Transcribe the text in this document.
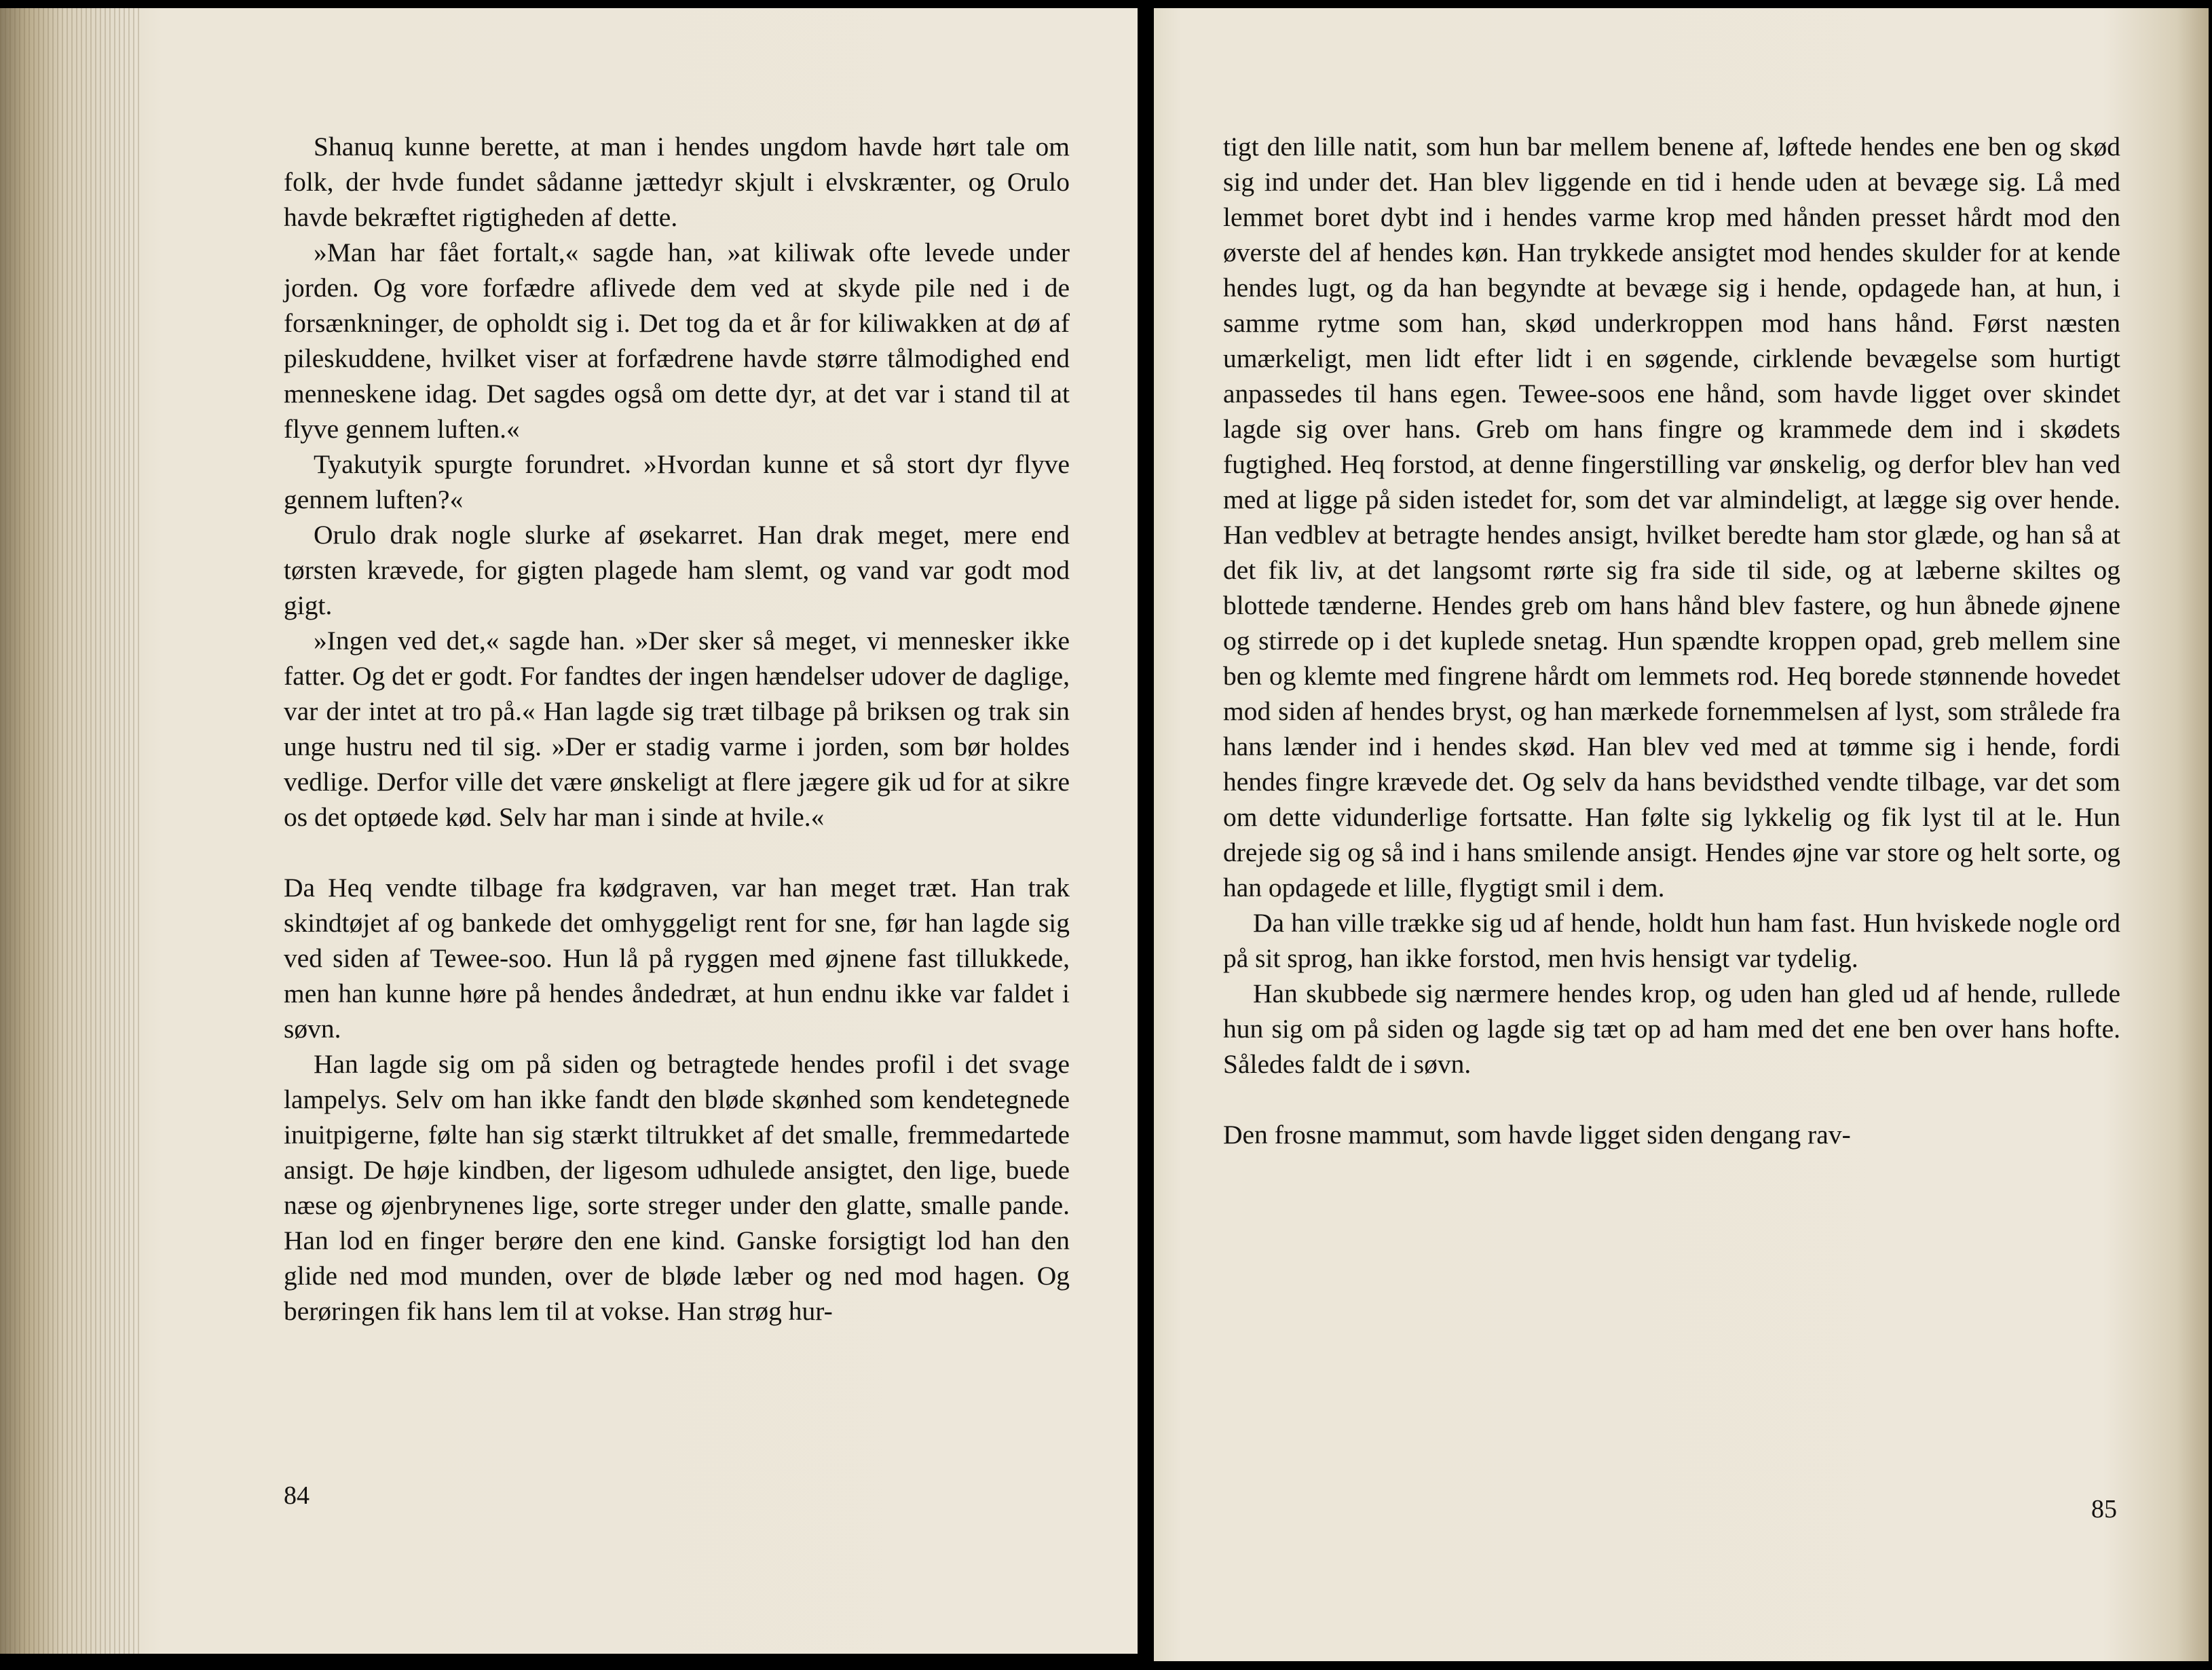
Shanuq kunne berette, at man i hendes ungdom havde hørt tale om folk, der hvde fundet sådanne jættedyr skjult i elvskrænter, og Orulo havde bekræftet rigtigheden af dette.

»Man har fået fortalt,« sagde han, »at kiliwak ofte levede under jorden. Og vore forfædre aflivede dem ved at skyde pile ned i de forsænkninger, de opholdt sig i. Det tog da et år for kiliwakken at dø af pileskuddene, hvilket viser at forfædrene havde større tålmodighed end menneskene idag. Det sagdes også om dette dyr, at det var i stand til at flyve gennem luften.«

Tyakutyik spurgte forundret. »Hvordan kunne et så stort dyr flyve gennem luften?«

Orulo drak nogle slurke af øsekarret. Han drak meget, mere end tørsten krævede, for gigten plagede ham slemt, og vand var godt mod gigt.

»Ingen ved det,« sagde han. »Der sker så meget, vi mennesker ikke fatter. Og det er godt. For fandtes der ingen hændelser udover de daglige, var der intet at tro på.« Han lagde sig træt tilbage på briksen og trak sin unge hustru ned til sig. »Der er stadig varme i jorden, som bør holdes vedlige. Derfor ville det være ønskeligt at flere jægere gik ud for at sikre os det optøede kød. Selv har man i sinde at hvile.«

Da Heq vendte tilbage fra kødgraven, var han meget træt. Han trak skindtøjet af og bankede det omhyggeligt rent for sne, før han lagde sig ved siden af Tewee-soo. Hun lå på ryggen med øjnene fast tillukkede, men han kunne høre på hendes åndedræt, at hun endnu ikke var faldet i søvn.

Han lagde sig om på siden og betragtede hendes profil i det svage lampelys. Selv om han ikke fandt den bløde skønhed som kendetegnede inuitpigerne, følte han sig stærkt tiltrukket af det smalle, fremmedartede ansigt. De høje kindben, der ligesom udhulede ansigtet, den lige, buede næse og øjenbrynenes lige, sorte streger under den glatte, smalle pande. Han lod en finger berøre den ene kind. Ganske forsigtigt lod han den glide ned mod munden, over de bløde læber og ned mod hagen. Og berøringen fik hans lem til at vokse. Han strøg hur-

84

tigt den lille natit, som hun bar mellem benene af, løftede hendes ene ben og skød sig ind under det. Han blev liggende en tid i hende uden at bevæge sig. Lå med lemmet boret dybt ind i hendes varme krop med hånden presset hårdt mod den øverste del af hendes køn. Han trykkede ansigtet mod hendes skulder for at kende hendes lugt, og da han begyndte at bevæge sig i hende, opdagede han, at hun, i samme rytme som han, skød underkroppen mod hans hånd. Først næsten umærkeligt, men lidt efter lidt i en søgende, cirklende bevægelse som hurtigt anpassedes til hans egen. Tewee-soos ene hånd, som havde ligget over skindet lagde sig over hans. Greb om hans fingre og krammede dem ind i skødets fugtighed. Heq forstod, at denne fingerstilling var ønskelig, og derfor blev han ved med at ligge på siden istedet for, som det var almindeligt, at lægge sig over hende. Han vedblev at betragte hendes ansigt, hvilket beredte ham stor glæde, og han så at det fik liv, at det langsomt rørte sig fra side til side, og at læberne skiltes og blottede tænderne. Hendes greb om hans hånd blev fastere, og hun åbnede øjnene og stirrede op i det kuplede snetag. Hun spændte kroppen opad, greb mellem sine ben og klemte med fingrene hårdt om lemmets rod. Heq borede stønnende hovedet mod siden af hendes bryst, og han mærkede fornemmelsen af lyst, som strålede fra hans lænder ind i hendes skød. Han blev ved med at tømme sig i hende, fordi hendes fingre krævede det. Og selv da hans bevidsthed vendte tilbage, var det som om dette vidunderlige fortsatte. Han følte sig lykkelig og fik lyst til at le. Hun drejede sig og så ind i hans smilende ansigt. Hendes øjne var store og helt sorte, og han opdagede et lille, flygtigt smil i dem.

Da han ville trække sig ud af hende, holdt hun ham fast. Hun hviskede nogle ord på sit sprog, han ikke forstod, men hvis hensigt var tydelig.

Han skubbede sig nærmere hendes krop, og uden han gled ud af hende, rullede hun sig om på siden og lagde sig tæt op ad ham med det ene ben over hans hofte. Således faldt de i søvn.

Den frosne mammut, som havde ligget siden dengang rav-

85
